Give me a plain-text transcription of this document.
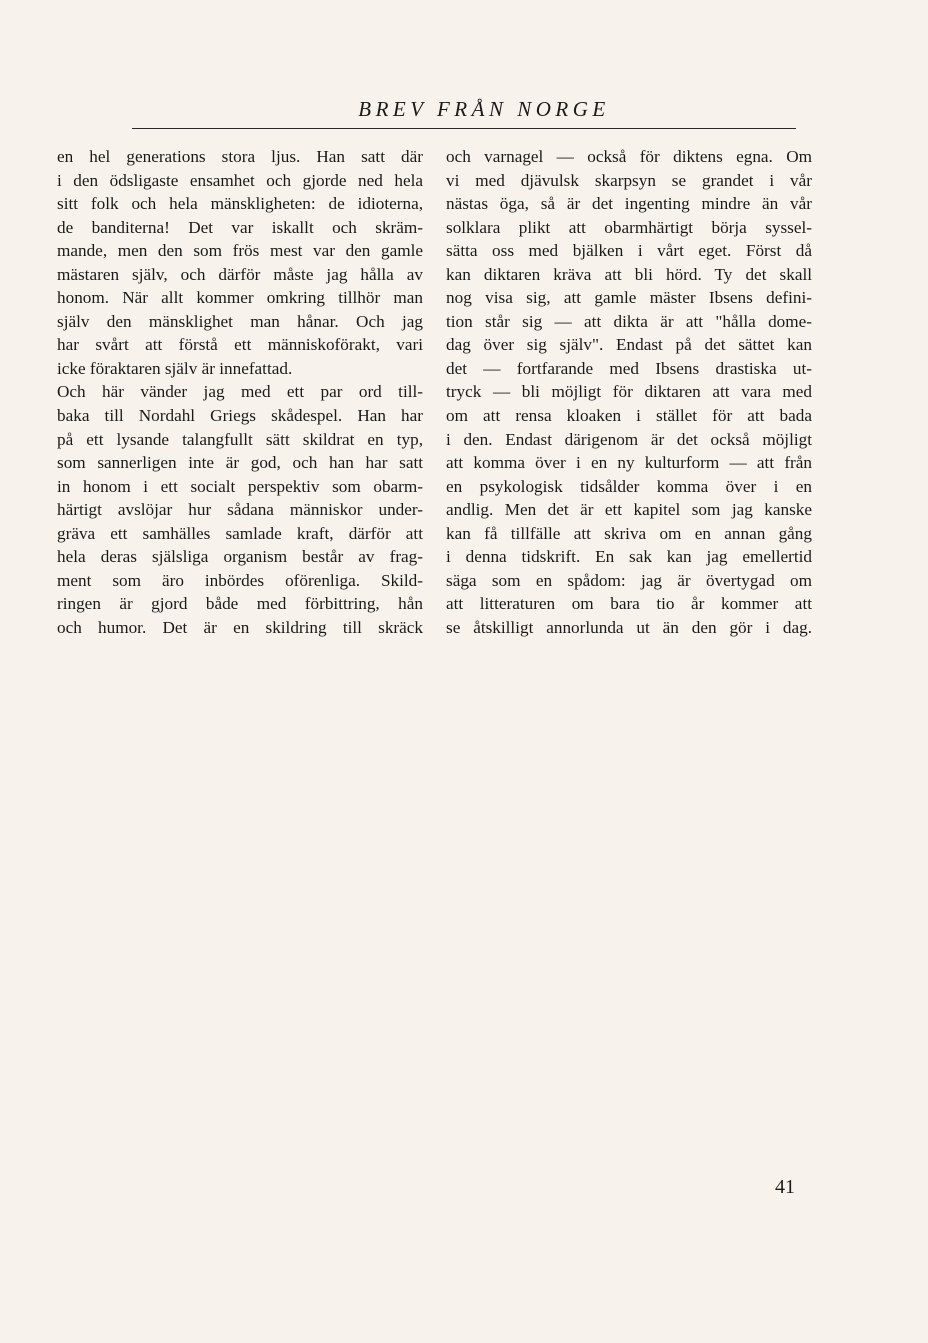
BREV FRÅN NORGE
en hel generations stora ljus. Han satt där
i den ödsligaste ensamhet och gjorde ned hela
sitt folk och hela mänskligheten: de idioterna,
de banditerna! Det var iskallt och skräm-
mande, men den som frös mest var den gamle
mästaren själv, och därför måste jag hålla av
honom. När allt kommer omkring tillhör man
själv den mänsklighet man hånar. Och jag
har svårt att förstå ett människoförakt, vari
icke föraktaren själv är innefattad.
Och här vänder jag med ett par ord till-
baka till Nordahl Griegs skådespel. Han har
på ett lysande talangfullt sätt skildrat en typ,
som sannerligen inte är god, och han har satt
in honom i ett socialt perspektiv som obarm-
härtigt avslöjar hur sådana människor under-
gräva ett samhälles samlade kraft, därför att
hela deras själsliga organism består av frag-
ment som äro inbördes oförenliga. Skild-
ringen är gjord både med förbittring, hån
och humor. Det är en skildring till skräck
och varnagel — också för diktens egna. Om
vi med djävulsk skarpsyn se grandet i vår
nästas öga, så är det ingenting mindre än vår
solklara plikt att obarmhärtigt börja syssel-
sätta oss med bjälken i vårt eget. Först då
kan diktaren kräva att bli hörd. Ty det skall
nog visa sig, att gamle mäster Ibsens defini-
tion står sig — att dikta är att "hålla dome-
dag över sig själv". Endast på det sättet kan
det — fortfarande med Ibsens drastiska ut-
tryck — bli möjligt för diktaren att vara med
om att rensa kloaken i stället för att bada
i den. Endast därigenom är det också möjligt
att komma över i en ny kulturform — att från
en psykologisk tidsålder komma över i en
andlig. Men det är ett kapitel som jag kanske
kan få tillfälle att skriva om en annan gång
i denna tidskrift. En sak kan jag emellertid
säga som en spådom: jag är övertygad om
att litteraturen om bara tio år kommer att
se åtskilligt annorlunda ut än den gör i dag.
41
